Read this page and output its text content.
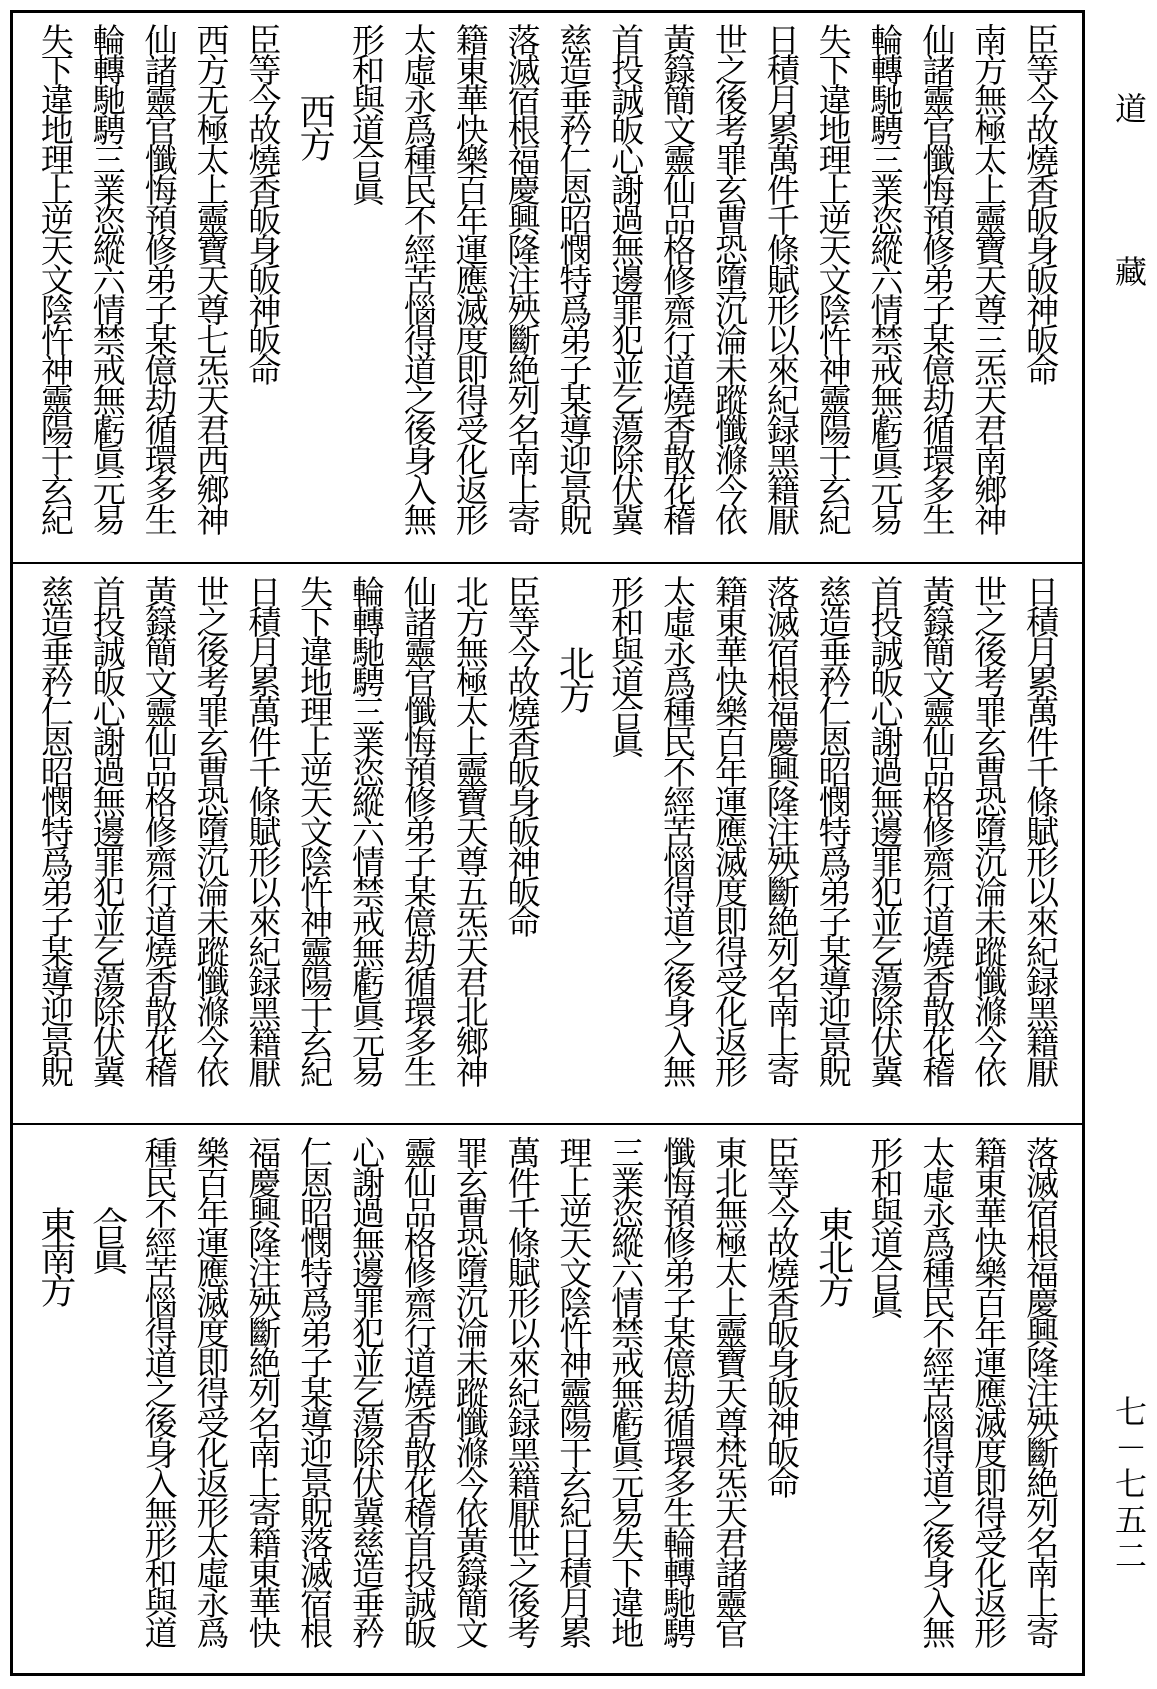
臣等今故燒香皈身皈神皈命
南方無極太上靈寶天尊三炁天君南鄉神
仙諸靈官懺悔預修弟子某億劫循環多生
輪轉馳騁三業恣縱六情禁戒無虧眞元易
失下違地理上逆天文陰忤神靈陽干玄紀
日積月累萬件千條賦形以來紀録黑籍厭
世之後考罪玄曹恐墮沉淪未蹤懺滌今依
黃籙簡文靈仙品格修齋行道燒香散花稽
首投誠皈心謝過無邊罪犯並乞蕩除伏冀
慈造垂矜仁恩昭憫特爲弟子某導迎景貺
落滅宿根福慶興隆注殃斷絶列名南上寄
籍東華快樂百年運應滅度即得受化返形
太虛永爲種民不經苦惱得道之後身入無
形和與道合眞
西方
臣等今故燒香皈身皈神皈命
西方无極太上靈寶天尊七炁天君西鄉神
仙諸靈官懺悔預修弟子某億劫循環多生
輪轉馳騁三業恣縱六情禁戒無虧眞元易
失下違地理上逆天文陰忤神靈陽干玄紀
日積月累萬件千條賦形以來紀録黑籍厭
世之後考罪玄曹恐墮沉淪未蹤懺滌今依
黃籙簡文靈仙品格修齋行道燒香散花稽
首投誠皈心謝過無邊罪犯並乞蕩除伏冀
慈造垂矜仁恩昭憫特爲弟子某導迎景貺
落滅宿根福慶興隆注殃斷絶列名南上寄
籍東華快樂百年運應滅度即得受化返形
太虛永爲種民不經苦惱得道之後身入無
形和與道合眞
北方
臣等今故燒香皈身皈神皈命
北方無極太上靈寶天尊五炁天君北鄉神
仙諸靈官懺悔預修弟子某億劫循環多生
輪轉馳騁三業恣縱六情禁戒無虧眞元易
失下違地理上逆天文陰忤神靈陽干玄紀
日積月累萬件千條賦形以來紀録黑籍厭
世之後考罪玄曹恐墮沉淪未蹤懺滌今依
黃籙簡文靈仙品格修齋行道燒香散花稽
首投誠皈心謝過無邊罪犯並乞蕩除伏冀
慈造垂矜仁恩昭憫特爲弟子某導迎景貺
落滅宿根福慶興隆注殃斷絶列名南上寄
籍東華快樂百年運應滅度即得受化返形
太虛永爲種民不經苦惱得道之後身入無
形和與道合眞
東北方
臣等今故燒香皈身皈神皈命
東北無極太上靈寶天尊梵炁天君諸靈官
懺悔預修弟子某億劫循環多生輪轉馳騁
三業恣縱六情禁戒無虧眞元易失下違地
理上逆天文陰忤神靈陽干玄紀日積月累
萬件千條賦形以來紀録黑籍厭世之後考
罪玄曹恐墮沉淪未蹤懺滌今依黃籙簡文
靈仙品格修齋行道燒香散花稽首投誠皈
心謝過無邊罪犯並乞蕩除伏冀慈造垂矜
仁恩昭憫特爲弟子某導迎景貺落滅宿根
福慶興隆注殃斷絶列名南上寄籍東華快
樂百年運應滅度即得受化返形太虛永爲
種民不經苦惱得道之後身入無形和與道
合眞
東南方
道
藏
七－七五二
